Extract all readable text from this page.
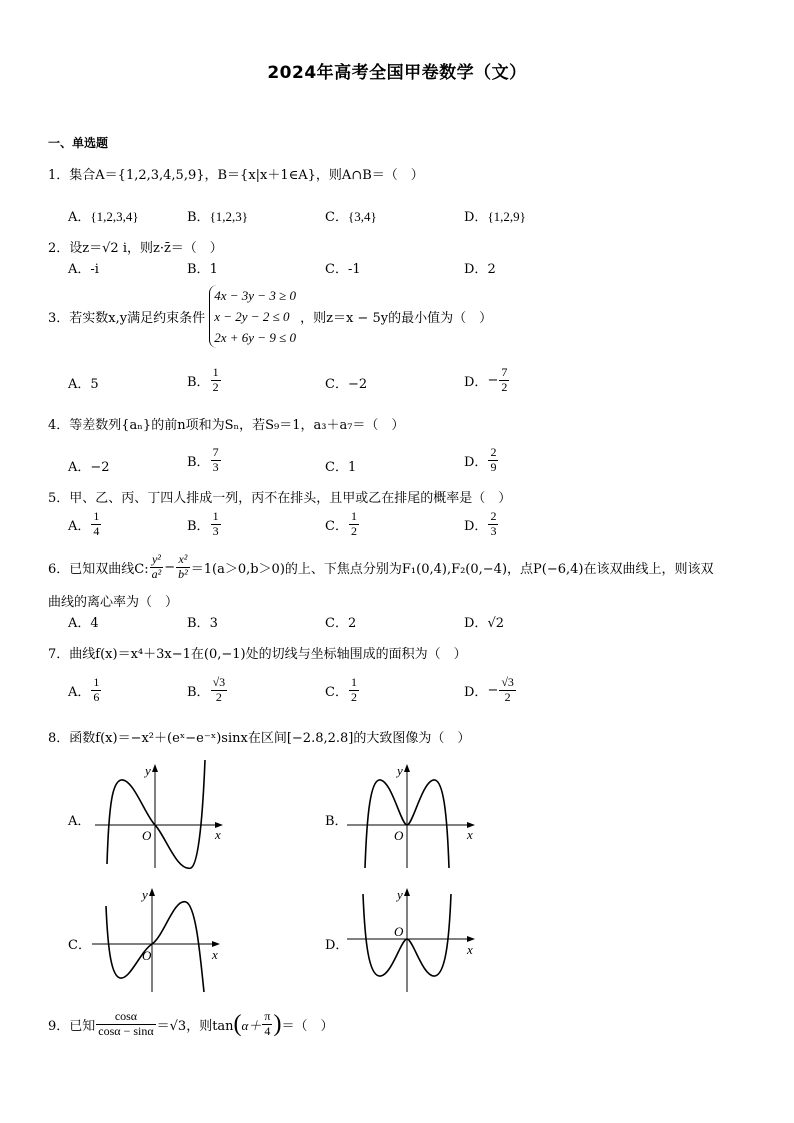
2024年高考全国甲卷数学（文）
一、单选题
1．集合A＝{1,2,3,4,5,9}，B＝{x|x＋1∈A}，则A∩B＝（　）
A．{1,2,3,4}	B．{1,2,3}	C．{3,4}	D．{1,2,9}
2．设z＝√2 i，则z·z̄＝（　）
A．-i	B．1	C．-1	D．2
3．若实数x,y满足约束条件
4x − 3y − 3 ≥ 0
x − 2y − 2 ≤ 0
2x + 6y − 9 ≤ 0
，则z＝x − 5y的最小值为（　）
A．5	B． $\frac{1}{2}$	C．−2	D．− $\frac{7}{2}$
4．等差数列{aₙ}的前n项和为Sₙ，若S₉＝1，a₃＋a₇＝（　）
A．−2	B． $\frac{7}{3}$	C．1	D． $\frac{2}{9}$
5．甲、乙、丙、丁四人排成一列，丙不在排头，且甲或乙在排尾的概率是（　）
A． $\frac{1}{4}$	B． $\frac{1}{3}$	C． $\frac{1}{2}$	D． $\frac{2}{3}$
6．已知双曲线C: $\frac{\text{y²}}{\text{a²}} - \frac{\text{x²}}{\text{b²}} =1(a>0,b>0)$的上、下焦点分别为F₁(0,4),F₂(0,−4)，点P(−6,4)在该双曲线上，则该双
曲线的离心率为（　）
A．4	B．3	C．2	D．√2
7．曲线f(x)＝x⁴＋3x−1在(0,−1)处的切线与坐标轴围成的面积为（　）
A． $\frac{1}{6}$	B． $\frac{√3}{2}$	C． $\frac{1}{2}$	D．− $\frac{√3}{2}$
8．函数f(x)＝−x²＋(eˣ−e⁻ˣ)sinx在区间[−2.8,2.8]的大致图像为（　）
A．
x
y
O
B．
x
y
O
C．
x
y
O
D．	x
y
O
9．已知 $\frac{\cos\alpha}{\cos\alpha - \sin\alpha} =√3$，则$\tan(\alpha+ \frac{\pi}{4}$ )＝（　）
